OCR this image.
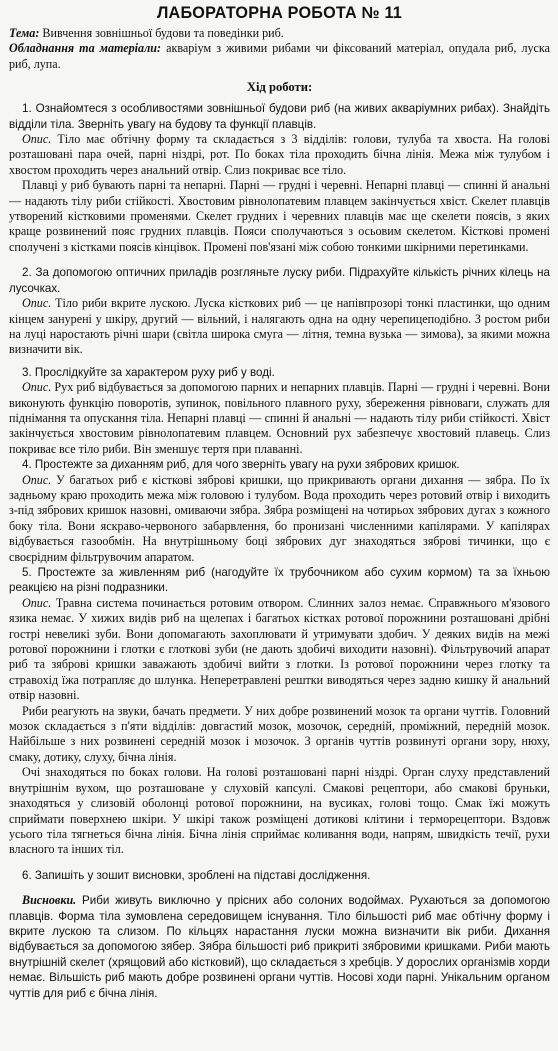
ЛАБОРАТОРНА РОБОТА № 11

Тема: Вивчення зовнішньої будови та поведінки риб.

Обладнання та матеріали: акваріум з живими рибами чи фіксований матеріал, опудала риб, луска риб, лупа.

Хід роботи:

1. Ознайомтеся з особливостями зовнішньої будови риб (на живих акваріумних рибах). Знайдіть відділи тіла. Зверніть увагу на будову та функції плавців.

Опис. Тіло має обтічну форму та складається з 3 відділів: голови, тулуба та хвоста. На голові розташовані пара очей, парні ніздрі, рот. По боках тіла проходить бічна лінія. Межа між тулубом і хвостом проходить через анальний отвір. Слиз покриває все тіло.

Плавці у риб бувають парні та непарні. Парні — грудні і черевні. Непарні плавці — спинні й анальні — надають тілу риби стійкості. Хвостовим рівнолопатевим плавцем закінчується хвіст. Скелет плавців утворений кістковими променями. Скелет грудних і черевних плавців має ще скелети поясів, з яких краще розвинений пояс грудних плавців. Пояси сполучаються з осьовим скелетом. Кісткові промені сполучені з кістками поясів кінцівок. Промені пов'язані між собою тонкими шкірними перетинками.

2. За допомогою оптичних приладів розгляньте луску риби. Підрахуйте кількість річних кілець на лусочках.

Опис. Тіло риби вкрите лускою. Луска кісткових риб — це напівпрозорі тонкі пластинки, що одним кінцем занурені у шкіру, другий — вільний, і налягають одна на одну черепицеподібно. З ростом риби на луці наростають річні шари (світла широка смуга — літня, темна вузька — зимова), за якими можна визначити вік.

3. Прослідкуйте за характером руху риб у воді.

Опис. Рух риб відбувається за допомогою парних и непарних плавців. Парні — грудні і черевні. Вони виконують функцію поворотів, зупинок, повільного плавного руху, збереження рівноваги, служать для піднімання та опускання тіла. Непарні плавці — спинні й анальні — надають тілу риби стійкості. Хвіст закінчується хвостовим рівнолопатевим плавцем. Основний рух забезпечує хвостовий плавець. Слиз покриває все тіло риби. Він зменшує тертя при плаванні.

4. Простежте за диханням риб, для чого зверніть увагу на рухи зябрових кришок.

Опис. У багатьох риб є кісткові зяброві кришки, що прикривають органи дихання — зябра. По їх задньому краю проходить межа між головою і тулубом. Вода проходить через ротовий отвір і виходить з-під зябрових кришок назовні, омиваючи зябра. Зябра розміщені на чотирьох зябрових дугах з кожного боку тіла. Вони яскраво-червоного забарвлення, бо пронизані численними капілярами. У капілярах відбувається газообмін. На внутрішньому боці зябрових дуг знаходяться зяброві тичинки, що є своєрідним фільтрувочим апаратом.

5. Простежте за живленням риб (нагодуйте їх трубочником або сухим кормом) та за їхньою реакцією на різні подразники.

Опис. Травна система починається ротовим отвором. Слинних залоз немає. Справжнього м'язового язика немає. У хижих видів риб на щелепах і багатьох кістках ротової порожнини розташовані дрібні гострі невеликі зуби. Вони допомагають захоплювати й утримувати здобич. У деяких видів на межі ротової порожнини і глотки є глоткові зуби (не дають здобичі виходити назовні). Фільтрувочий апарат риб та зяброві кришки заважають здобичі вийти з глотки. Із ротової порожнини через глотку та стравохід їжа потрапляє до шлунка. Неперетравлені рештки виводяться через задню кишку й анальний отвір назовні.

Риби реагують на звуки, бачать предмети. У них добре розвинений мозок та органи чуттів. Головний мозок складається з п'яти відділів: довгастий мозок, мозочок, середній, проміжний, передній мозок. Найбільше з них розвинені середній мозок і мозочок. З органів чуттів розвинуті органи зору, нюху, смаку, дотику, слуху, бічна лінія.

Очі знаходяться по боках голови. На голові розташовані парні ніздрі. Орган слуху представлений внутрішнім вухом, що розташоване у слуховій капсулі. Смакові рецептори, або смакові бруньки, знаходяться у слизовій оболонці ротової порожнини, на вусиках, голові тощо. Смак їжі можуть сприймати поверхнею шкіри. У шкірі також розміщені дотикові клітини і терморецептори. Вздовж усього тіла тягнеться бічна лінія. Бічна лінія сприймає коливання води, напрям, швидкість течії, рухи власного та інших тіл.

6. Запишіть у зошит висновки, зроблені на підставі дослідження.

Висновки. Риби живуть виключно у прісних або солоних водоймах. Рухаються за допомогою плавців. Форма тіла зумовлена середовищем існування. Тіло більшості риб має обтічну форму і вкрите лускою та слизом. По кільцях нарастання луски можна визначити вік риби. Дихання відбувається за допомогою зябер. Зябра більшості риб прикриті зябровими кришками. Риби мають внутрішній скелет (хрящовий або кістковий), що складається з хребців. У дорослих організмів хорди немає. Вільшість риб мають добре розвинені органи чуттів. Носові ходи парні. Унікальним органом чуттів для риб є бічна лінія.
